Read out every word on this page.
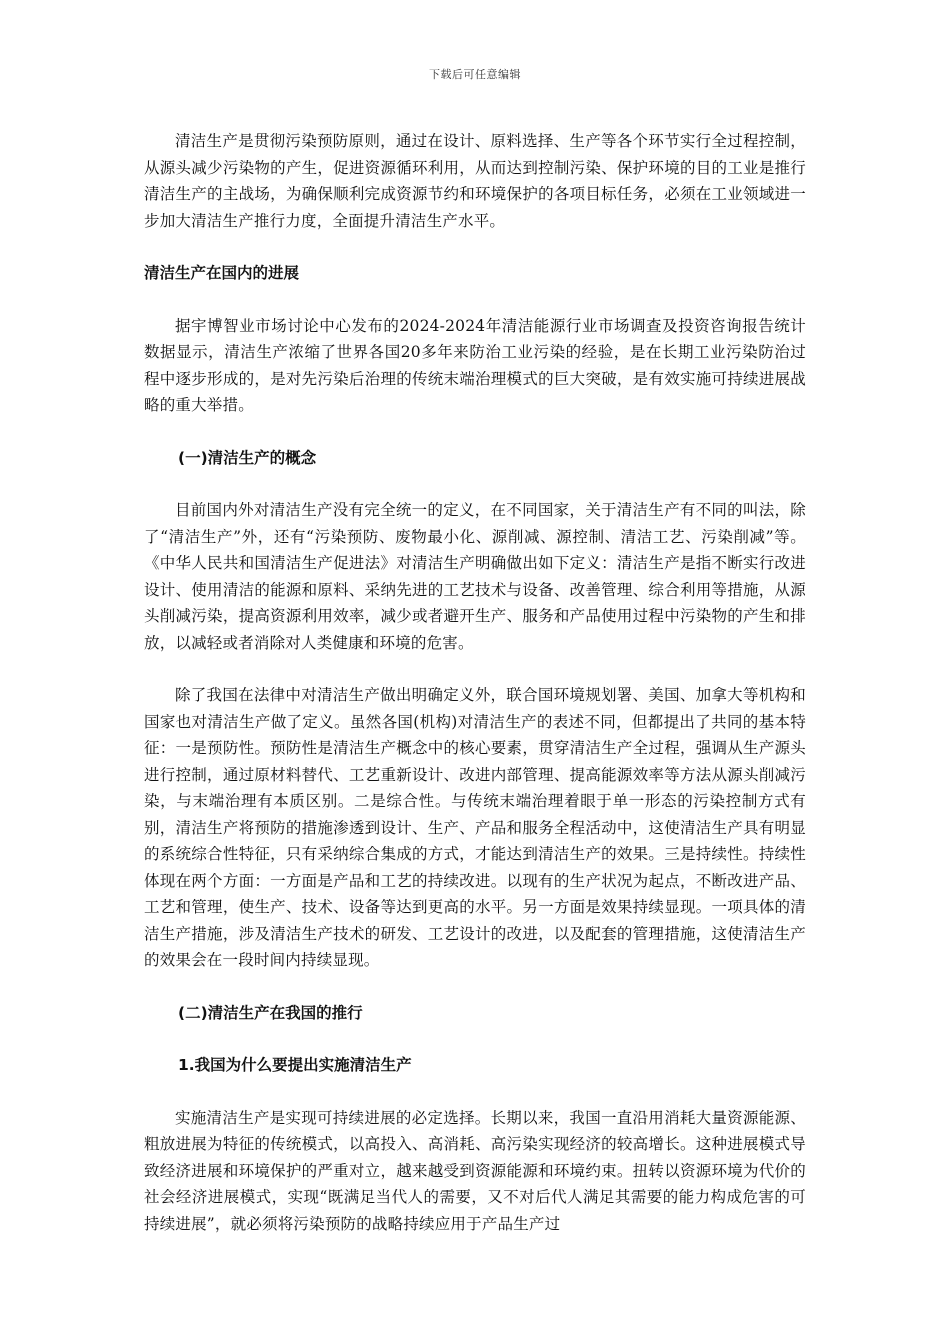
下载后可任意编辑

清洁生产是贯彻污染预防原则，通过在设计、原料选择、生产等各个环节实行全过程控制，从源头减少污染物的产生，促进资源循环利用，从而达到控制污染、保护环境的目的工业是推行清洁生产的主战场，为确保顺利完成资源节约和环境保护的各项目标任务，必须在工业领域进一步加大清洁生产推行力度，全面提升清洁生产水平。

清洁生产在国内的进展

据宇博智业市场讨论中心发布的2024-2024年清洁能源行业市场调查及投资咨询报告统计数据显示，清洁生产浓缩了世界各国20多年来防治工业污染的经验，是在长期工业污染防治过程中逐步形成的，是对先污染后治理的传统末端治理模式的巨大突破，是有效实施可持续进展战略的重大举措。

(一)清洁生产的概念

目前国内外对清洁生产没有完全统一的定义，在不同国家，关于清洁生产有不同的叫法，除了“清洁生产”外，还有“污染预防、废物最小化、源削减、源控制、清洁工艺、污染削减”等。《中华人民共和国清洁生产促进法》对清洁生产明确做出如下定义：清洁生产是指不断实行改进设计、使用清洁的能源和原料、采纳先进的工艺技术与设备、改善管理、综合利用等措施，从源头削减污染，提高资源利用效率，减少或者避开生产、服务和产品使用过程中污染物的产生和排放，以减轻或者消除对人类健康和环境的危害。

除了我国在法律中对清洁生产做出明确定义外，联合国环境规划署、美国、加拿大等机构和国家也对清洁生产做了定义。虽然各国(机构)对清洁生产的表述不同，但都提出了共同的基本特征：一是预防性。预防性是清洁生产概念中的核心要素，贯穿清洁生产全过程，强调从生产源头进行控制，通过原材料替代、工艺重新设计、改进内部管理、提高能源效率等方法从源头削减污染，与末端治理有本质区别。二是综合性。与传统末端治理着眼于单一形态的污染控制方式有别，清洁生产将预防的措施渗透到设计、生产、产品和服务全程活动中，这使清洁生产具有明显的系统综合性特征，只有采纳综合集成的方式，才能达到清洁生产的效果。三是持续性。持续性体现在两个方面：一方面是产品和工艺的持续改进。以现有的生产状况为起点，不断改进产品、工艺和管理，使生产、技术、设备等达到更高的水平。另一方面是效果持续显现。一项具体的清洁生产措施，涉及清洁生产技术的研发、工艺设计的改进，以及配套的管理措施，这使清洁生产的效果会在一段时间内持续显现。

(二)清洁生产在我国的推行
1.我国为什么要提出实施清洁生产

实施清洁生产是实现可持续进展的必定选择。长期以来，我国一直沿用消耗大量资源能源、粗放进展为特征的传统模式，以高投入、高消耗、高污染实现经济的较高增长。这种进展模式导致经济进展和环境保护的严重对立，越来越受到资源能源和环境约束。扭转以资源环境为代价的社会经济进展模式，实现“既满足当代人的需要，又不对后代人满足其需要的能力构成危害的可持续进展”，就必须将污染预防的战略持续应用于产品生产过
